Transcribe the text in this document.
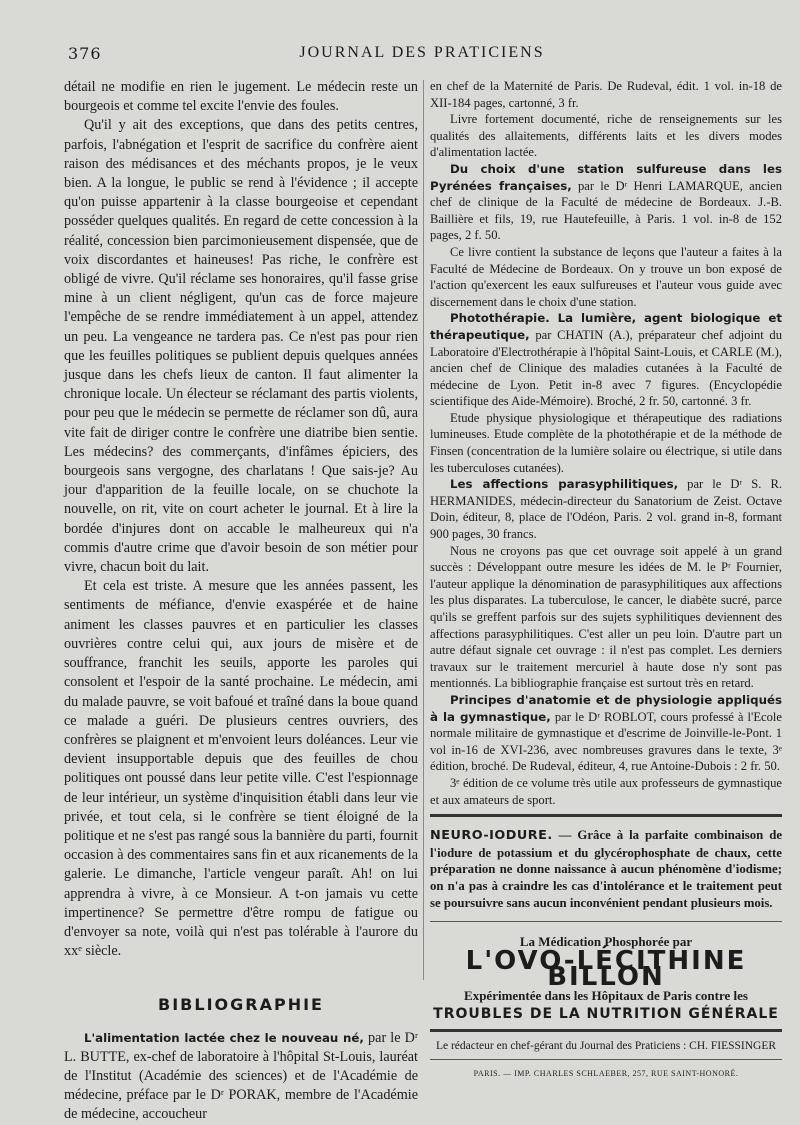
376	JOURNAL DES PRATICIENS

détail ne modifie en rien le jugement. Le médecin reste un bourgeois et comme tel excite l'envie des foules.

Qu'il y ait des exceptions, que dans des petits centres, parfois, l'abnégation et l'esprit de sacrifice du confrère aient raison des médisances et des méchants propos, je le veux bien. A la longue, le public se rend à l'évidence ; il accepte qu'on puisse appartenir à la classe bourgeoise et cependant posséder quelques qualités. En regard de cette concession à la réalité, concession bien parcimonieusement dispensée, que de voix discordantes et haineuses! Pas riche, le confrère est obligé de vivre. Qu'il réclame ses honoraires, qu'il fasse grise mine à un client négligent, qu'un cas de force majeure l'empêche de se rendre immédiatement à un appel, attendez un peu. La vengeance ne tardera pas. Ce n'est pas pour rien que les feuilles politiques se publient depuis quelques années jusque dans les chefs lieux de canton. Il faut alimenter la chronique locale. Un électeur se réclamant des partis violents, pour peu que le médecin se permette de réclamer son dû, aura vite fait de diriger contre le confrère une diatribe bien sentie. Les médecins? des commerçants, d'infâmes épiciers, des bourgeois sans vergogne, des charlatans ! Que sais-je? Au jour d'apparition de la feuille locale, on se chuchote la nouvelle, on rit, vite on court acheter le journal. Et à lire la bordée d'injures dont on accable le malheureux qui n'a commis d'autre crime que d'avoir besoin de son métier pour vivre, chacun boit du lait.

Et cela est triste. A mesure que les années passent, les sentiments de méfiance, d'envie exaspérée et de haine animent les classes pauvres et en particulier les classes ouvrières contre celui qui, aux jours de misère et de souffrance, franchit les seuils, apporte les paroles qui consolent et l'espoir de la santé prochaine. Le médecin, ami du malade pauvre, se voit bafoué et traîné dans la boue quand ce malade a guéri. De plusieurs centres ouvriers, des confrères se plaignent et m'envoient leurs doléances. Leur vie devient insupportable depuis que des feuilles de chou politiques ont poussé dans leur petite ville. C'est l'espionnage de leur intérieur, un système d'inquisition établi dans leur vie privée, et tout cela, si le confrère se tient éloigné de la politique et ne s'est pas rangé sous la bannière du parti, fournit occasion à des commentaires sans fin et aux ricanements de la galerie. Le dimanche, l'article vengeur paraît. Ah! on lui apprendra à vivre, à ce Monsieur. A t-on jamais vu cette impertinence? Se permettre d'être rompu de fatigue ou d'envoyer sa note, voilà qui n'est pas tolérable à l'aurore du xxᵉ siècle.

BIBLIOGRAPHIE

L'alimentation lactée chez le nouveau né, par le Dʳ L. BUTTE, ex-chef de laboratoire à l'hôpital St-Louis, lauréat de l'Institut (Académie des sciences) et de l'Académie de médecine, préface par le Dʳ PORAK, membre de l'Académie de médecine, accoucheur

en chef de la Maternité de Paris. De Rudeval, édit. 1 vol. in-18 de XII-184 pages, cartonné, 3 fr.

Livre fortement documenté, riche de renseignements sur les qualités des allaitements, différents laits et les divers modes d'alimentation lactée.

Du choix d'une station sulfureuse dans les Pyrénées françaises, par le Dʳ Henri LAMARQUE, ancien chef de clinique de la Faculté de médecine de Bordeaux. J.-B. Baillière et fils, 19, rue Hautefeuille, à Paris. 1 vol. in-8 de 152 pages, 2 f. 50.

Ce livre contient la substance de leçons que l'auteur a faites à la Faculté de Médecine de Bordeaux. On y trouve un bon exposé de l'action qu'exercent les eaux sulfureuses et l'auteur vous guide avec discernement dans le choix d'une station.

Photothérapie. La lumière, agent biologique et thérapeutique, par CHATIN (A.), préparateur chef adjoint du Laboratoire d'Electrothérapie à l'hôpital Saint-Louis, et CARLE (M.), ancien chef de Clinique des maladies cutanées à la Faculté de médecine de Lyon. Petit in-8 avec 7 figures. (Encyclopédie scientifique des Aide-Mémoire). Broché, 2 fr. 50, cartonné. 3 fr.

Etude physique physiologique et thérapeutique des radiations lumineuses. Etude complète de la photothérapie et de la méthode de Finsen (concentration de la lumière solaire ou électrique, si utile dans les tuberculoses cutanées).

Les affections parasyphilitiques, par le Dʳ S. R. HERMANIDES, médecin-directeur du Sanatorium de Zeist. Octave Doin, éditeur, 8, place de l'Odéon, Paris. 2 vol. grand in-8, formant 900 pages, 30 francs.

Nous ne croyons pas que cet ouvrage soit appelé à un grand succès : Développant outre mesure les idées de M. le Pʳ Fournier, l'auteur applique la dénomination de parasyphilitiques aux affections les plus disparates. La tuberculose, le cancer, le diabète sucré, parce qu'ils se greffent parfois sur des sujets syphilitiques deviennent des affections parasyphilitiques. C'est aller un peu loin. D'autre part un autre défaut signale cet ouvrage : il n'est pas complet. Les derniers travaux sur le traitement mercuriel à haute dose n'y sont pas mentionnés. La bibliographie française est surtout très en retard.

Principes d'anatomie et de physiologie appliqués à la gymnastique, par le Dʳ ROBLOT, cours professé à l'Ecole normale militaire de gymnastique et d'escrime de Joinville-le-Pont. 1 vol in-16 de XVI-236, avec nombreuses gravures dans le texte, 3ᵉ édition, broché. De Rudeval, éditeur, 4, rue Antoine-Dubois : 2 fr. 50.

3ᵉ édition de ce volume très utile aux professeurs de gymnastique et aux amateurs de sport.

NEURO-IODURE. — Grâce à la parfaite combinaison de l'iodure de potassium et du glycérophosphate de chaux, cette préparation ne donne naissance à aucun phénomène d'iodisme; on n'a pas à craindre les cas d'intolérance et le traitement peut se poursuivre sans aucun inconvénient pendant plusieurs mois.
La Médication Phosphorée par
L'OVO-LÉCITHINE BILLON
Expérimentée dans les Hôpitaux de Paris contre les
TROUBLES DE LA NUTRITION GÉNÉRALE
Le rédacteur en chef-gérant du Journal des Praticiens : CH. FIESSINGER
PARIS. — IMP. CHARLES SCHLAEBER, 257, RUE SAINT-HONORÉ.
